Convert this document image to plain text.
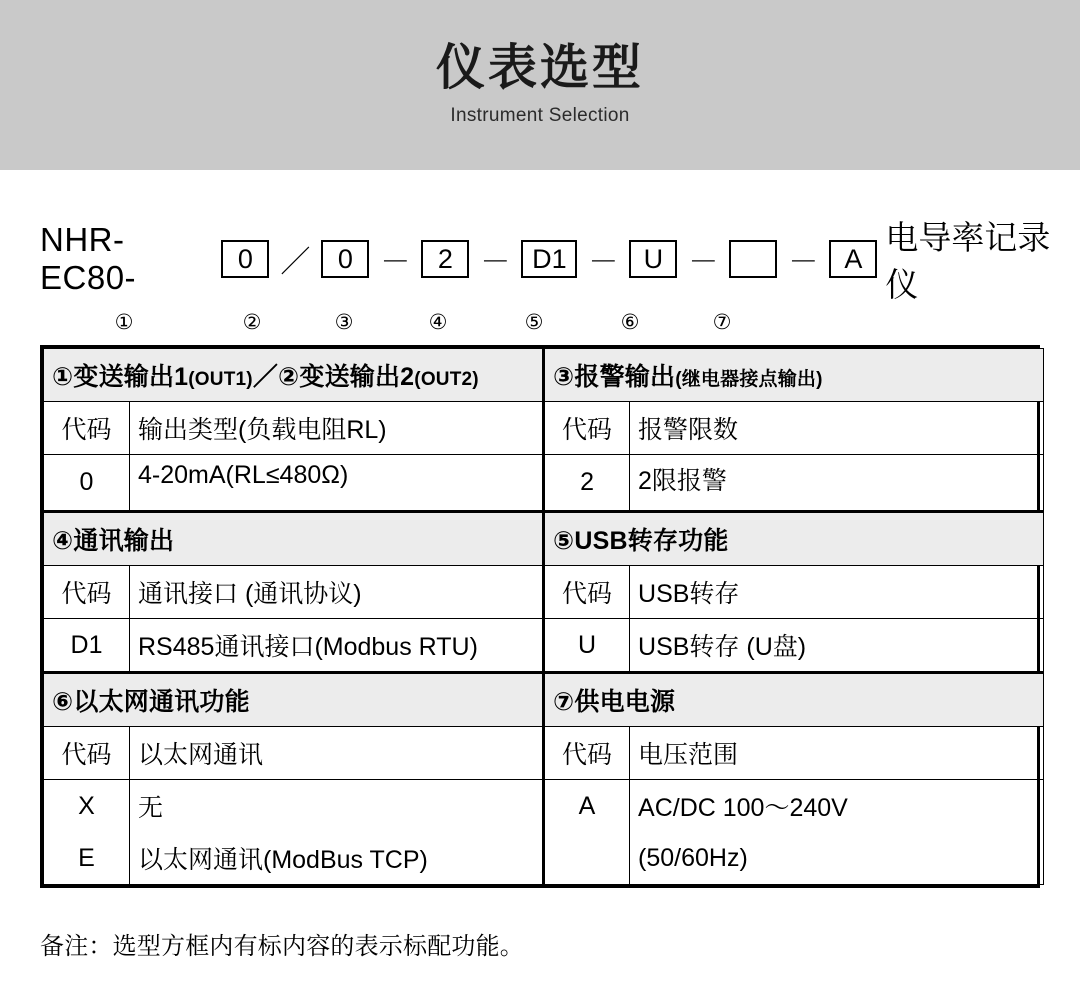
仪表选型
Instrument Selection
NHR-EC80-
0 ／	0 －	2 － D1 － U － － A
电导率记录仪
①	②	③	④	⑤	⑥	⑦
①变送输出1(OUT1)／②变送输出2(OUT2)		③报警输出(继电器接点输出)	
代码	输出类型(负载电阻RL)	代码	报警限数
0	4-20mA(RL≤480Ω)	2	2限报警
④通讯输出		⑤USB转存功能	
代码	通讯接口 (通讯协议)	代码	USB转存
D1	RS485通讯接口(Modbus RTU)	U	USB转存 (U盘)
⑥以太网通讯功能		⑦供电电源	
代码	以太网通讯	代码	电压范围
X	无	A	AC/DC 100～240V
E	以太网通讯(ModBus TCP)		(50/60Hz)
备注：选型方框内有标内容的表示标配功能。
